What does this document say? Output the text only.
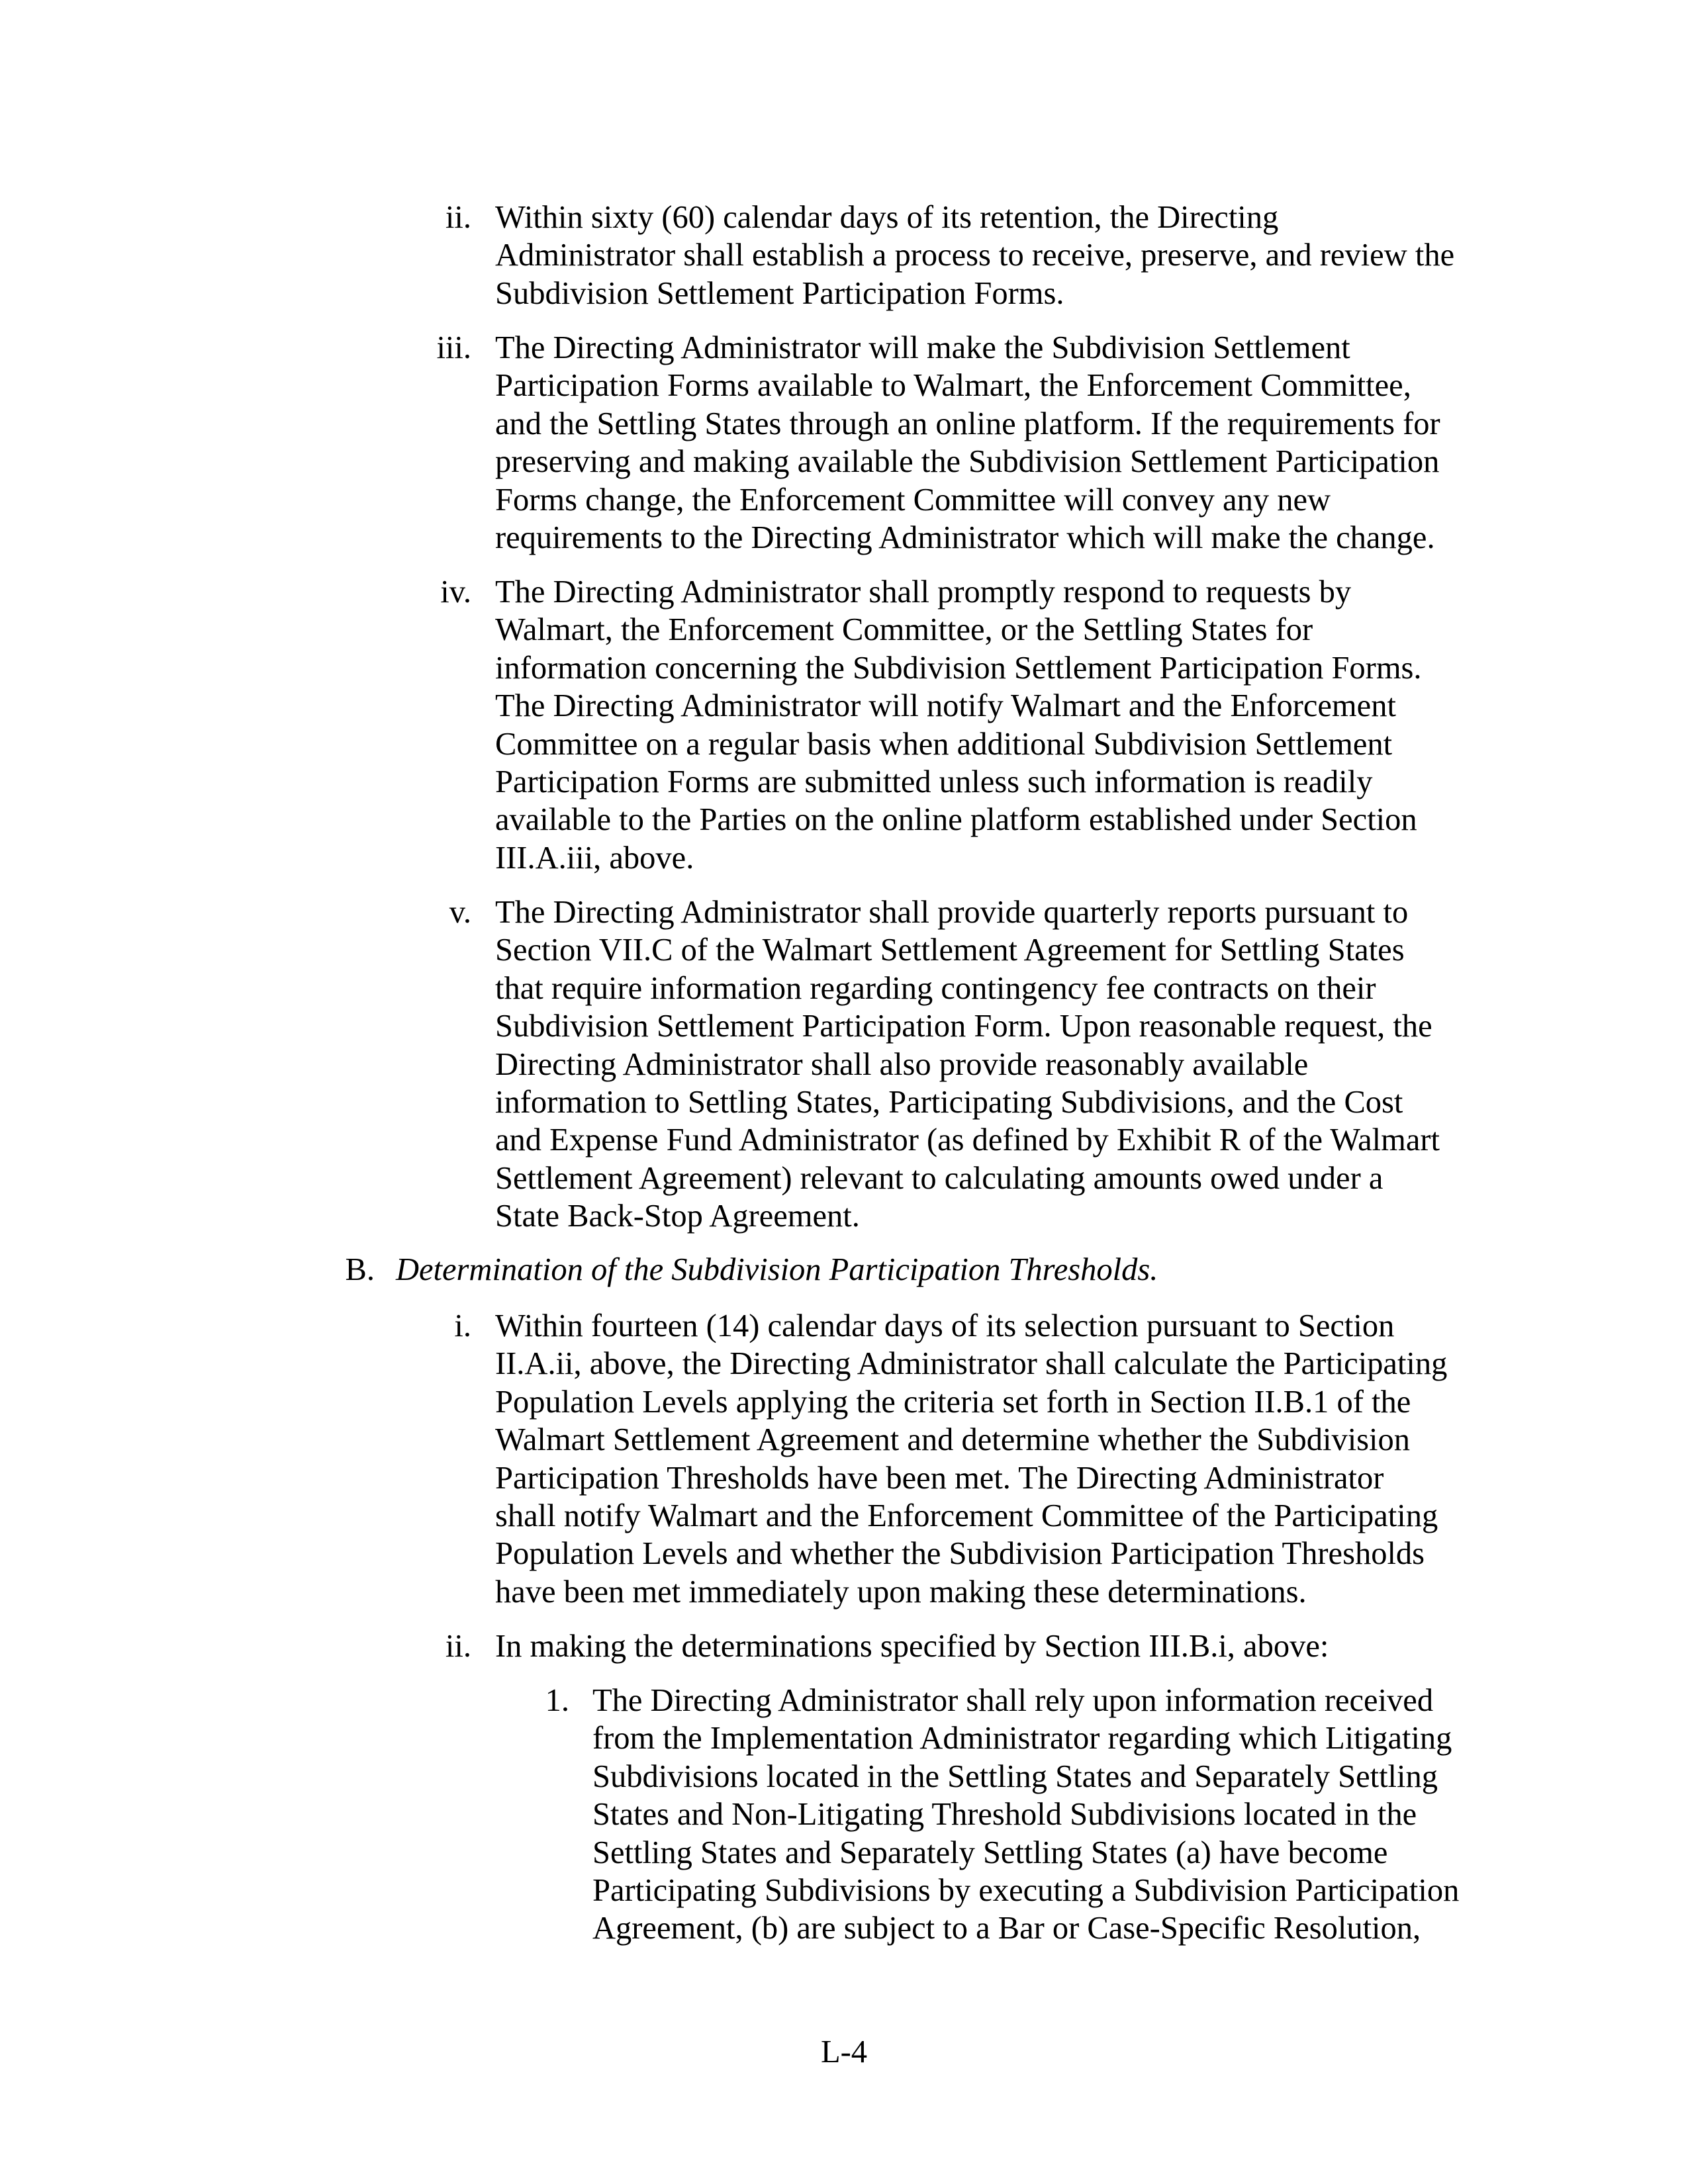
ii. Within sixty (60) calendar days of its retention, the Directing
Administrator shall establish a process to receive, preserve, and review the
Subdivision Settlement Participation Forms.
iii. The Directing Administrator will make the Subdivision Settlement
Participation Forms available to Walmart, the Enforcement Committee,
and the Settling States through an online platform. If the requirements for
preserving and making available the Subdivision Settlement Participation
Forms change, the Enforcement Committee will convey any new
requirements to the Directing Administrator which will make the change.
iv. The Directing Administrator shall promptly respond to requests by
Walmart, the Enforcement Committee, or the Settling States for
information concerning the Subdivision Settlement Participation Forms.
The Directing Administrator will notify Walmart and the Enforcement
Committee on a regular basis when additional Subdivision Settlement
Participation Forms are submitted unless such information is readily
available to the Parties on the online platform established under Section
III.A.iii, above.
v. The Directing Administrator shall provide quarterly reports pursuant to
Section VII.C of the Walmart Settlement Agreement for Settling States
that require information regarding contingency fee contracts on their
Subdivision Settlement Participation Form. Upon reasonable request, the
Directing Administrator shall also provide reasonably available
information to Settling States, Participating Subdivisions, and the Cost
and Expense Fund Administrator (as defined by Exhibit R of the Walmart
Settlement Agreement) relevant to calculating amounts owed under a
State Back-Stop Agreement.
B. Determination of the Subdivision Participation Thresholds.
i. Within fourteen (14) calendar days of its selection pursuant to Section
II.A.ii, above, the Directing Administrator shall calculate the Participating
Population Levels applying the criteria set forth in Section II.B.1 of the
Walmart Settlement Agreement and determine whether the Subdivision
Participation Thresholds have been met. The Directing Administrator
shall notify Walmart and the Enforcement Committee of the Participating
Population Levels and whether the Subdivision Participation Thresholds
have been met immediately upon making these determinations.
ii. In making the determinations specified by Section III.B.i, above:
1. The Directing Administrator shall rely upon information received
from the Implementation Administrator regarding which Litigating
Subdivisions located in the Settling States and Separately Settling
States and Non-Litigating Threshold Subdivisions located in the
Settling States and Separately Settling States (a) have become
Participating Subdivisions by executing a Subdivision Participation
Agreement, (b) are subject to a Bar or Case-Specific Resolution,
L-4
